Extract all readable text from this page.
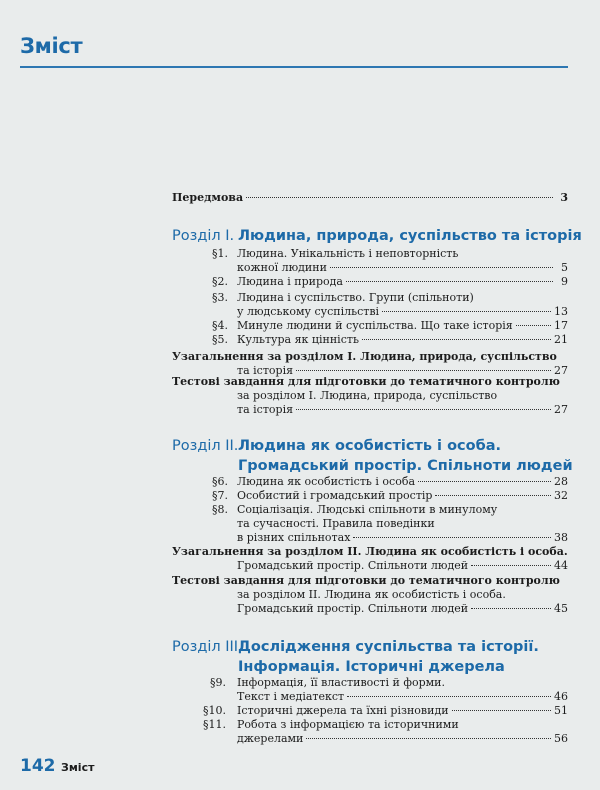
Зміст
Передмова	3
Розділ I. Людина, природа, суспільство та історія
§1. Людина. Унікальність і неповторність
кожної людини	5
§2. Людина і природа	9
§3. Людина і суспільство. Групи (спільноти)
у людському суспільстві	13
§4. Минуле людини й суспільства. Що таке історія	17
§5. Культура як цінність	21
Узагальнення за розділом I. Людина, природа, суспільство
та історія	27
Тестові завдання для підготовки до тематичного контролю
за розділом I. Людина, природа, суспільство
та історія	27
Розділ II. Людина як особистість і особа.
Громадський простір. Спільноти людей
§6. Людина як особистість і особа	28
§7. Особистий і громадський простір	32
§8. Соціалізація. Людські спільноти в минулому
та сучасності. Правила поведінки
в різних спільнотах	38
Узагальнення за розділом II. Людина як особистість і особа.
Громадський простір. Спільноти людей	44
Тестові завдання для підготовки до тематичного контролю
за розділом II. Людина як особистість і особа.
Громадський простір. Спільноти людей	45
Розділ III.
Дослідження суспільства та історії.
Інформація. Історичні джерела
§9. Інформація, її властивості й форми.
Текст і медіатекст	46
§10. Історичні джерела та їхні різновиди	51
§11. Робота з інформацією та історичними
джерелами	56
142 Зміст
